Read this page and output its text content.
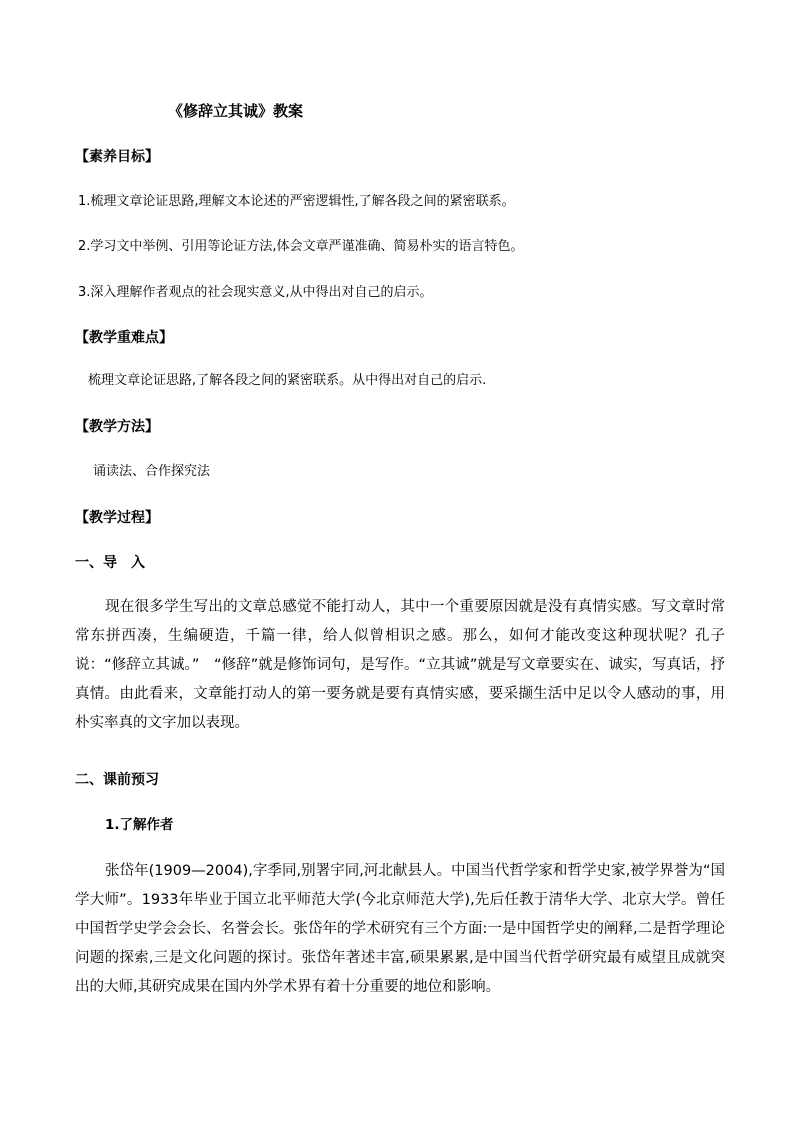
《修辞立其诚》教案
【素养目标】
1.梳理文章论证思路,理解文本论述的严密逻辑性,了解各段之间的紧密联系。
2.学习文中举例、引用等论证方法,体会文章严谨准确、简易朴实的语言特色。
3.深入理解作者观点的社会现实意义,从中得出对自己的启示。
【教学重难点】
梳理文章论证思路,了解各段之间的紧密联系。从中得出对自己的启示.
【教学方法】
诵读法、合作探究法
【教学过程】
一、导　入
现在很多学生写出的文章总感觉不能打动人，其中一个重要原因就是没有真情实感。写文章时常常东拼西凑，生编硬造，千篇一律，给人似曾相识之感。那么，如何才能改变这种现状呢？孔子说：“修辞立其诚。”　“修辞”就是修饰词句，是写作。“立其诚”就是写文章要实在、诚实，写真话，抒真情。由此看来，文章能打动人的第一要务就是要有真情实感，要采撷生活中足以令人感动的事，用朴实率真的文字加以表现。
二、课前预习
1.了解作者
张岱年(1909—2004),字季同,别署宇同,河北献县人。中国当代哲学家和哲学史家,被学界誉为“国学大师”。1933年毕业于国立北平师范大学(今北京师范大学),先后任教于清华大学、北京大学。曾任中国哲学史学会会长、名誉会长。张岱年的学术研究有三个方面:一是中国哲学史的阐释,二是哲学理论问题的探索,三是文化问题的探讨。张岱年著述丰富,硕果累累,是中国当代哲学研究最有威望且成就突出的大师,其研究成果在国内外学术界有着十分重要的地位和影响。
